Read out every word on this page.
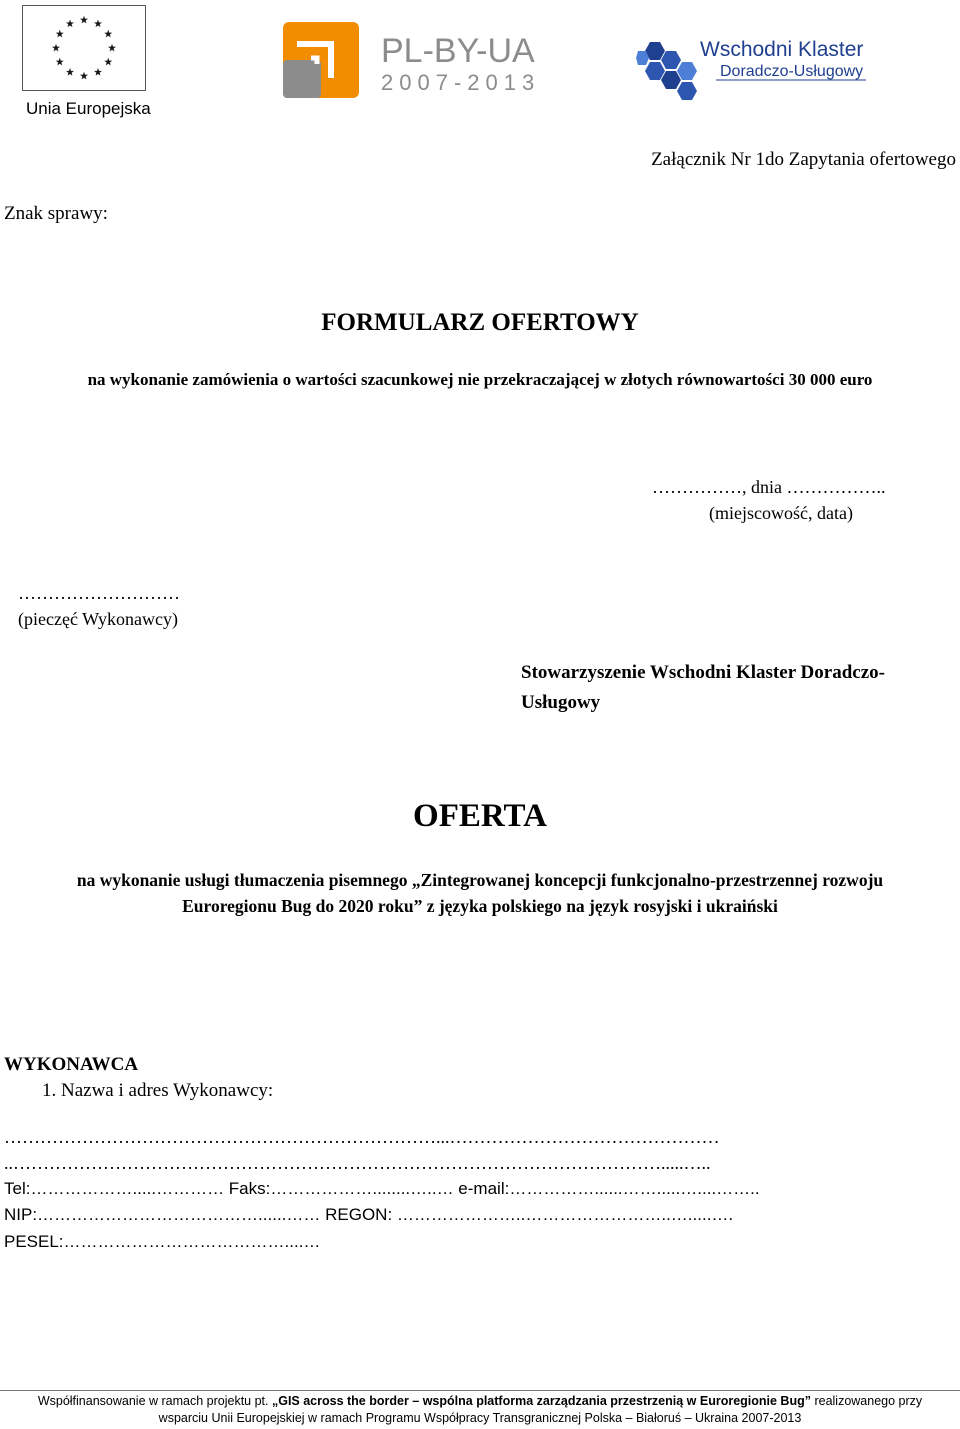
Unia Europejska
PL-BY-UA
2007-2013
Wschodni Klaster
Doradczo-Usługowy
Załącznik Nr 1do Zapytania ofertowego
Znak sprawy:
FORMULARZ OFERTOWY
na wykonanie zamówienia o wartości szacunkowej nie przekraczającej w złotych równowartości 30 000 euro
……………, dnia ……………..
(miejscowość, data)
………………………
(pieczęć Wykonawcy)
Stowarzyszenie Wschodni Klaster Doradczo-
Usługowy
OFERTA
na wykonanie usługi tłumaczenia pisemnego „Zintegrowanej koncepcji funkcjonalno-przestrzennej rozwoju
Euroregionu Bug do 2020 roku” z języka polskiego na język rosyjski i ukraiński
WYKONAWCA
1. Nazwa i adres Wykonawcy:
………………………………………………………………...………………………………………
..……………………………………………………………………………………………….....…..
Tel:……………….....………… Faks:………………........…..… e-mail:……………......…….....…....……..
NIP:…………………………………......…… REGON: …………………..……………………..….....….
PESEL:…………………………………....…
Współfinansowanie w ramach projektu pt. „GIS across the border – wspólna platforma zarządzania przestrzenią w Euroregionie Bug” realizowanego przy
wsparciu Unii Europejskiej w ramach Programu Współpracy Transgranicznej Polska – Białoruś – Ukraina 2007-2013
